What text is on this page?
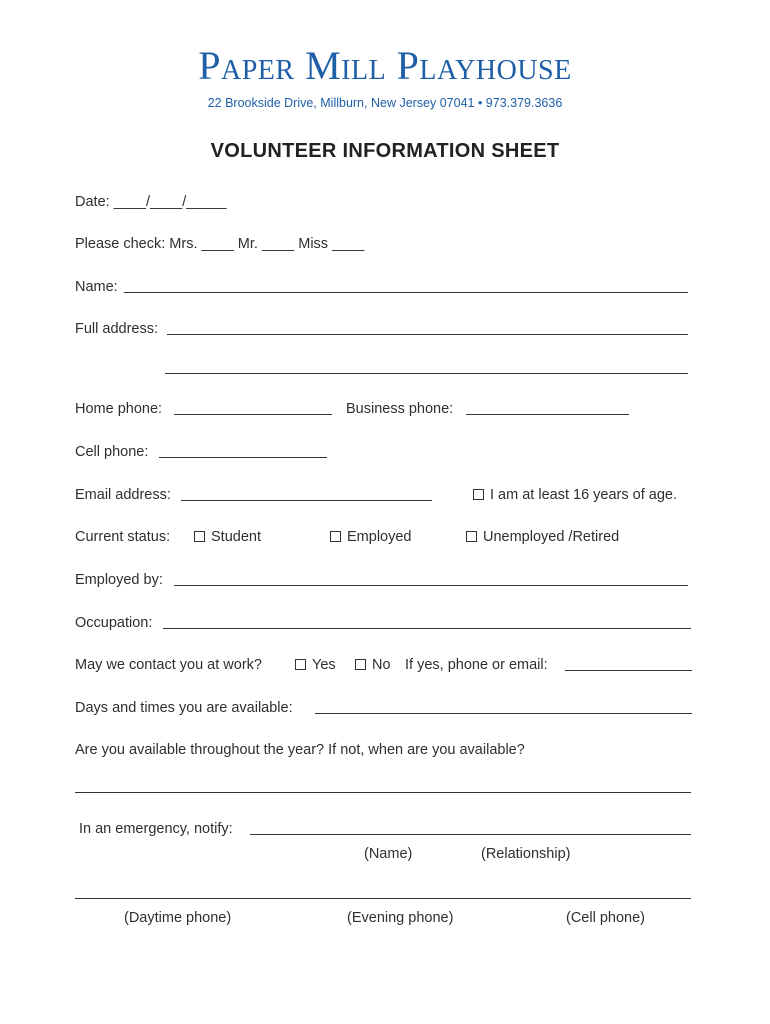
Paper Mill Playhouse
22 Brookside Drive, Millburn, New Jersey 07041 • 973.379.3636
VOLUNTEER INFORMATION SHEET
Date: ____/____/_____
Please check: Mrs. ____ Mr. ____ Miss ____
Name:
Full address:
Home phone:	Business phone:
Cell phone:
Email address:	I am at least 16 years of age.
Current status:	Student	Employed	Unemployed /Retired
Employed by:
Occupation:
May we contact you at work?	Yes	No If yes, phone or email:
Days and times you are available:
Are you available throughout the year? If not, when are you available?
In an emergency, notify:
(Name)	(Relationship)
(Daytime phone)	(Evening phone)	(Cell phone)
